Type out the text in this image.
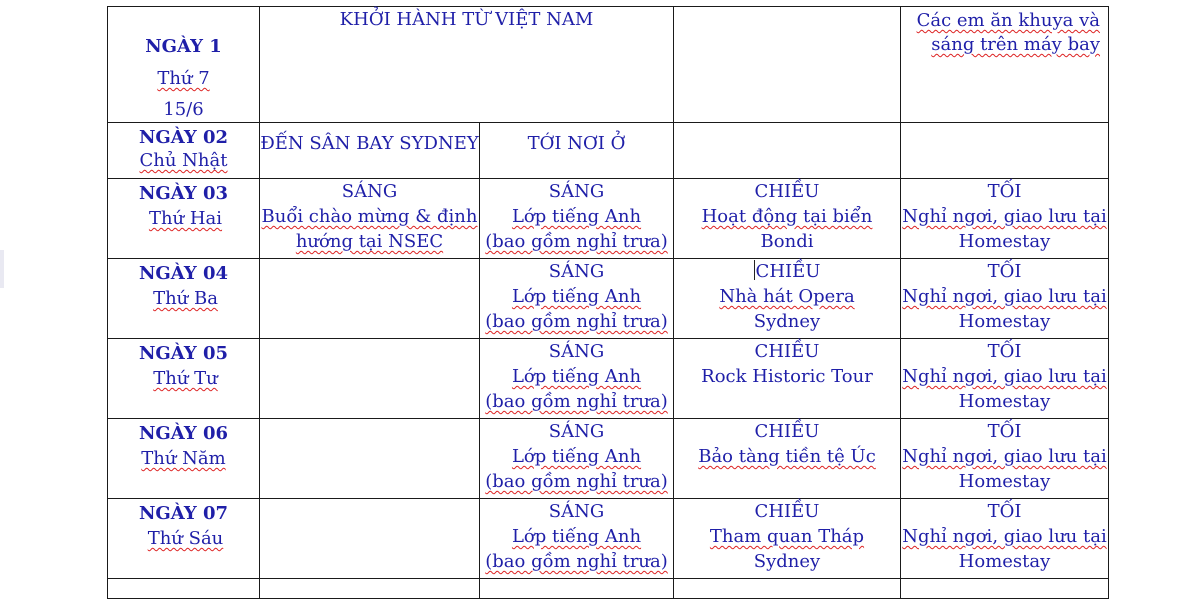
NGÀY 1
Thứ 7
15/6	KHỞI HÀNH TỪ VIỆT NAM			Các em ăn khuya và
sáng trên máy bay

NGÀY 02
Chủ Nhật	ĐẾN SÂN BAY SYDNEY	TỚI NƠI Ở		

NGÀY 03
Thứ Hai	SÁNG
Buổi chào mừng & định
hướng tại NSEC	SÁNG
Lớp tiếng Anh
(bao gồm nghỉ trưa)	CHIỀU
Hoạt động tại biển
Bondi	TỐI
Nghỉ ngơi, giao lưu tại
Homestay

NGÀY 04
Thứ Ba		SÁNG
Lớp tiếng Anh
(bao gồm nghỉ trưa)	CHIỀU
Nhà hát Opera
Sydney	TỐI
Nghỉ ngơi, giao lưu tại
Homestay

NGÀY 05
Thứ Tư		SÁNG
Lớp tiếng Anh
(bao gồm nghỉ trưa)	CHIỀU
Rock Historic Tour	TỐI
Nghỉ ngơi, giao lưu tại
Homestay

NGÀY 06
Thứ Năm		SÁNG
Lớp tiếng Anh
(bao gồm nghỉ trưa)	CHIỀU
Bảo tàng tiền tệ Úc	TỐI
Nghỉ ngơi, giao lưu tại
Homestay

NGÀY 07
Thứ Sáu		SÁNG
Lớp tiếng Anh
(bao gồm nghỉ trưa)	CHIỀU
Tham quan Tháp
Sydney	TỐI
Nghỉ ngơi, giao lưu tại
Homestay
